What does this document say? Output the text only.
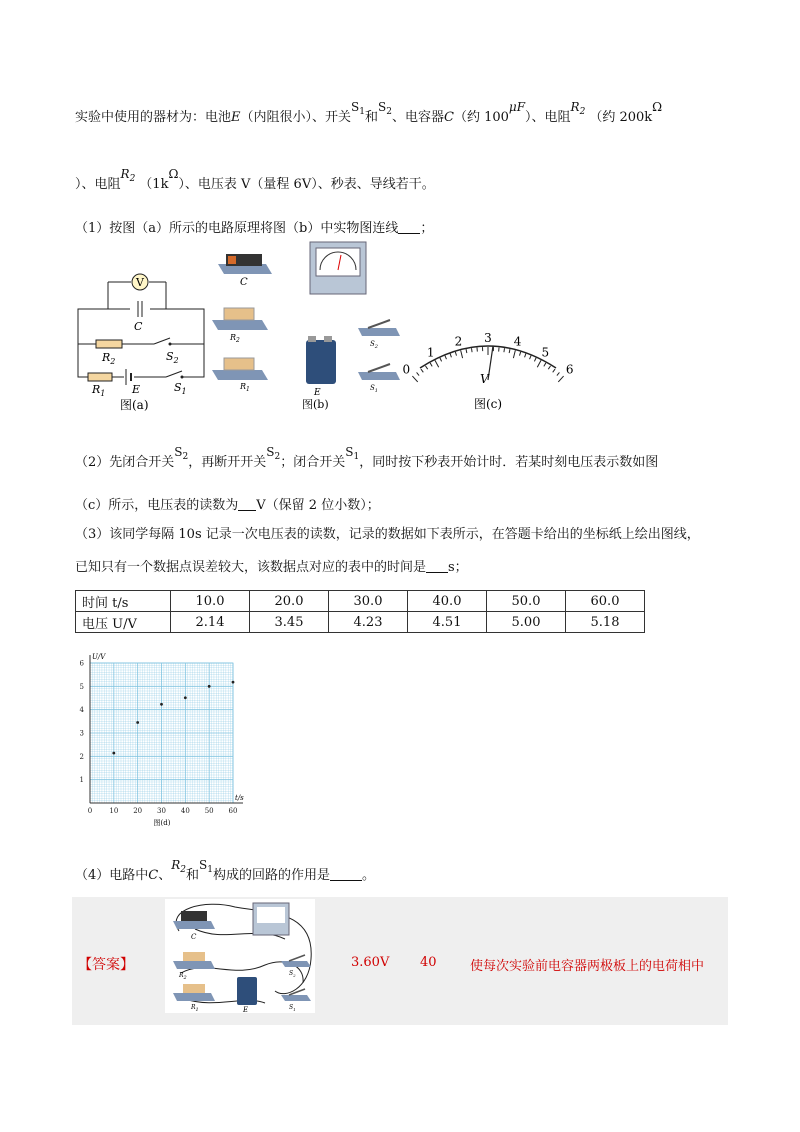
实验中使用的器材为：电池E（内阻很小）、开关$S_1$和$S_2$、电容器C（约 100μF）、电阻$R_2$ （约 200kΩ
）、电阻$R_2$ （1kΩ）、电压表 V（量程 6V）、秒表、导线若干。
（1）按图（a）所示的电路原理将图（b）中实物图连线 ；
V
C
$R_2$	$S_2$
$R_1$ E	$S_1$
图(a)
C
$R_2$
$R_1$	E
图(b)
$S_2$
$S_1$
0
1
2 3 4
5
6
V
图(c)
（2）先闭合开关$S_2$，再断开开关$S_2$；闭合开关$S_1$，同时按下秒表开始计时．若某时刻电压表示数如图
（c）所示，电压表的读数为 V（保留 2 位小数）；
（3）该同学每隔 10s 记录一次电压表的读数，记录的数据如下表所示，在答题卡给出的坐标纸上绘出图线，
已知只有一个数据点误差较大，该数据点对应的表中的时间是 s；
时间 t/s	10.0	20.0	30.0	40.0	50.0	60.0
电压 U/V	2.14	3.45	4.23	4.51	5.00	5.18
0 10 20 30 40 50 60
1
2
3
4
5
6
U/V
t/s
图(d)
（4）电路中C、$R_2$和$S_1$构成的回路的作用是 。
【答案】
C
$R_2$
$R_1$	E
$S_2$
$S_1$
3.60V 40	使每次实验前电容器两极板上的电荷相中
